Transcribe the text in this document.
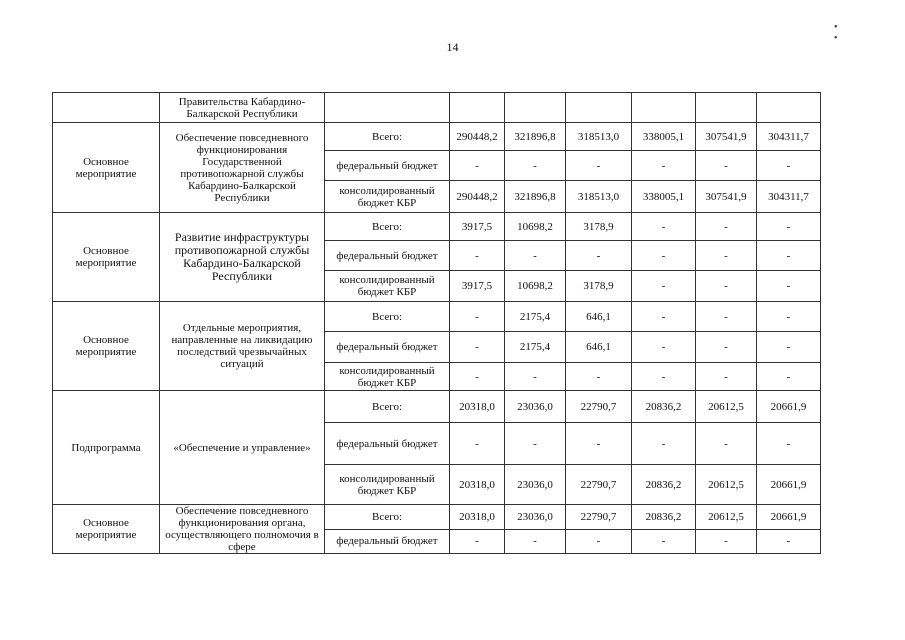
14
• •
	Правительства Кабардино-Балкарской Республики							
Основное мероприятие	Обеспечение повседневного функционирования Государственной противопожарной службы Кабардино-Балкарской Республики	Всего:	290448,2	321896,8	318513,0	338005,1	307541,9	304311,7
		федеральный бюджет	-	-	-	-	-	-
		консолидированный бюджет КБР	290448,2	321896,8	318513,0	338005,1	307541,9	304311,7
Основное мероприятие	Развитие инфраструктуры противопожарной службы Кабардино-Балкарской Республики	Всего:	3917,5	10698,2	3178,9	-	-	-
		федеральный бюджет	-	-	-	-	-	-
		консолидированный бюджет КБР	3917,5	10698,2	3178,9	-	-	-
Основное мероприятие	Отдельные мероприятия, направленные на ликвидацию последствий чрезвычайных ситуаций	Всего:	-	2175,4	646,1	-	-	-
		федеральный бюджет	-	2175,4	646,1	-	-	-
		консолидированный бюджет КБР	-	-	-	-	-	-
Подпрограмма	«Обеспечение и управление»	Всего:	20318,0	23036,0	22790,7	20836,2	20612,5	20661,9
		федеральный бюджет	-	-	-	-	-	-
		консолидированный бюджет КБР	20318,0	23036,0	22790,7	20836,2	20612,5	20661,9
Основное мероприятие	Обеспечение повседневного функционирования органа, осуществляющего полномочия в сфере	Всего:	20318,0	23036,0	22790,7	20836,2	20612,5	20661,9
		федеральный бюджет	-	-	-	-	-	-
